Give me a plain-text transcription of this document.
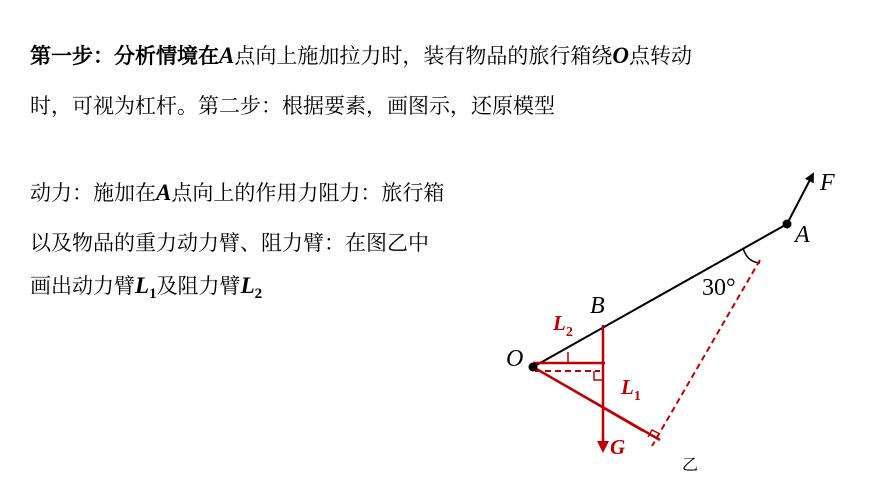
第一步：分析情境在A点向上施加拉力时，装有物品的旅行箱绕O点转动
时，可视为杠杆。第二步：根据要素，画图示，还原模型
动力：施加在A点向上的作用力阻力：旅行箱
以及物品的重力动力臂、阻力臂：在图乙中
画出动力臂$L_1$及阻力臂$L_2$
F
A
30°
B
O
$L_2$
$L_1$
G
乙
